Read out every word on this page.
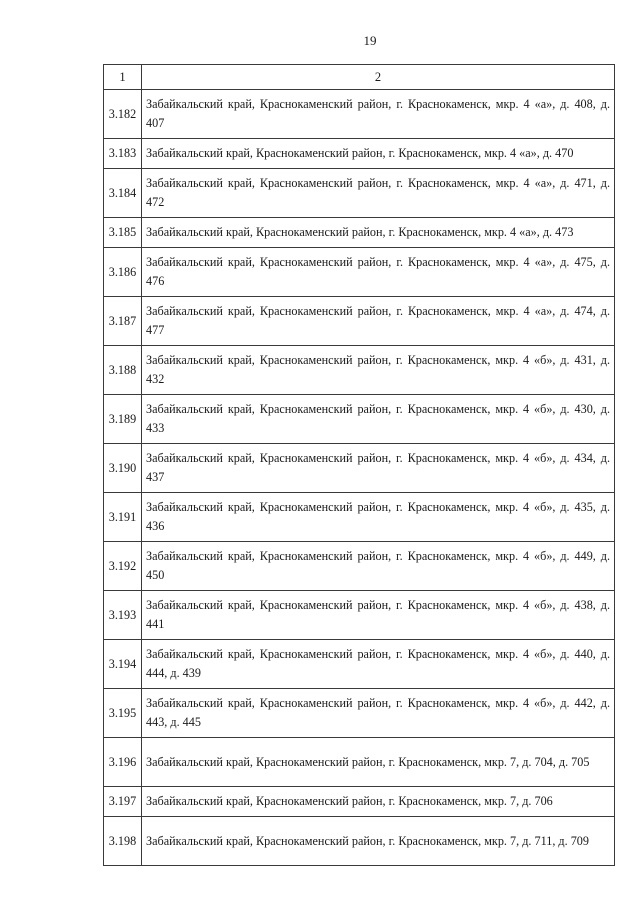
19
1	2
3.182	Забайкальский край, Краснокаменский район, г. Краснокаменск, мкр. 4 «а», д. 408, д. 407
3.183	Забайкальский край, Краснокаменский район, г. Краснокаменск, мкр. 4 «а», д. 470
3.184	Забайкальский край, Краснокаменский район, г. Краснокаменск, мкр. 4 «а», д. 471, д. 472
3.185	Забайкальский край, Краснокаменский район, г. Краснокаменск, мкр. 4 «а», д. 473
3.186	Забайкальский край, Краснокаменский район, г. Краснокаменск, мкр. 4 «а», д. 475, д. 476
3.187	Забайкальский край, Краснокаменский район, г. Краснокаменск, мкр. 4 «а», д. 474, д. 477
3.188	Забайкальский край, Краснокаменский район, г. Краснокаменск, мкр. 4 «б», д. 431, д. 432
3.189	Забайкальский край, Краснокаменский район, г. Краснокаменск, мкр. 4 «б», д. 430, д. 433
3.190	Забайкальский край, Краснокаменский район, г. Краснокаменск, мкр. 4 «б», д. 434, д. 437
3.191	Забайкальский край, Краснокаменский район, г. Краснокаменск, мкр. 4 «б», д. 435, д. 436
3.192	Забайкальский край, Краснокаменский район, г. Краснокаменск, мкр. 4 «б», д. 449, д. 450
3.193	Забайкальский край, Краснокаменский район, г. Краснокаменск, мкр. 4 «б», д. 438, д. 441
3.194	Забайкальский край, Краснокаменский район, г. Краснокаменск, мкр. 4 «б», д. 440, д. 444, д. 439
3.195	Забайкальский край, Краснокаменский район, г. Краснокаменск, мкр. 4 «б», д. 442, д. 443, д. 445
3.196	Забайкальский край, Краснокаменский район, г. Краснокаменск, мкр. 7, д. 704, д. 705
3.197	Забайкальский край, Краснокаменский район, г. Краснокаменск, мкр. 7, д. 706
3.198	Забайкальский край, Краснокаменский район, г. Краснокаменск, мкр. 7, д. 711, д. 709
